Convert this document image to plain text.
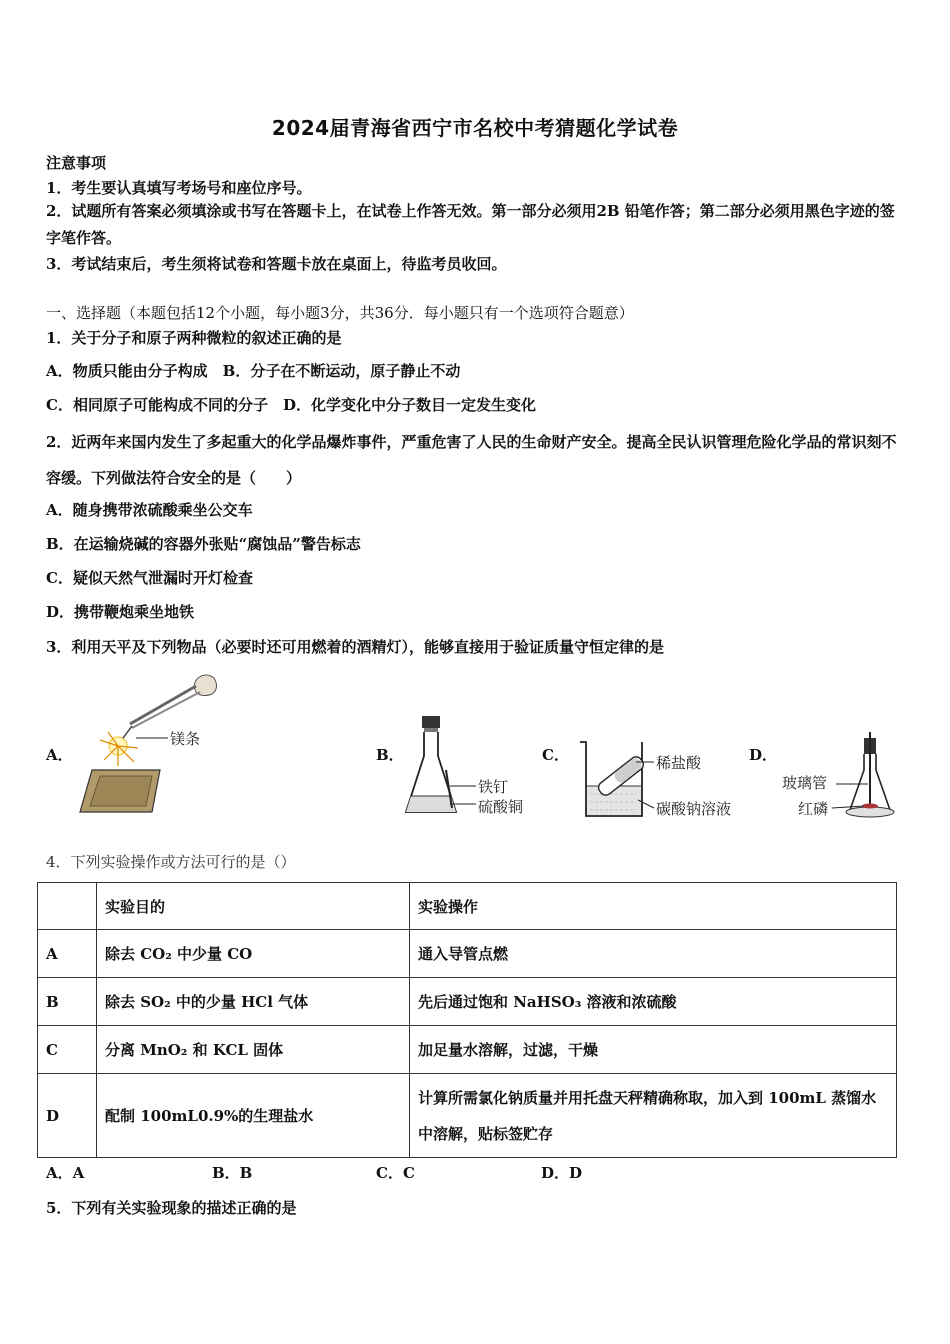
2024届青海省西宁市名校中考猜题化学试卷
注意事项
1．考生要认真填写考场号和座位序号。
2．试题所有答案必须填涂或书写在答题卡上，在试卷上作答无效。第一部分必须用2B 铅笔作答；第二部分必须用黑色字迹的签字笔作答。
3．考试结束后，考生须将试卷和答题卡放在桌面上，待监考员收回。
一、选择题（本题包括12个小题，每小题3分，共36分．每小题只有一个选项符合题意）
1．关于分子和原子两种微粒的叙述正确的是
A．物质只能由分子构成　B．分子在不断运动，原子静止不动
C．相同原子可能构成不同的分子　D．化学变化中分子数目一定发生变化
2．近两年来国内发生了多起重大的化学品爆炸事件，严重危害了人民的生命财产安全。提高全民认识管理危险化学品的常识刻不容缓。下列做法符合安全的是（　　）
A．随身携带浓硫酸乘坐公交车
B．在运输烧碱的容器外张贴“腐蚀品”警告标志
C．疑似天然气泄漏时开灯检查
D．携带鞭炮乘坐地铁
3．利用天平及下列物品（必要时还可用燃着的酒精灯），能够直接用于验证质量守恒定律的是
A．	B．	C．	D．
镁条
铁钉
硫酸铜
稀盐酸
碳酸钠溶液
玻璃管
红磷
4．下列实验操作或方法可行的是（）
	实验目的	实验操作
A	除去 CO₂ 中少量 CO	通入导管点燃
B	除去 SO₂ 中的少量 HCl 气体	先后通过饱和 NaHSO₃ 溶液和浓硫酸
C	分离 MnO₂ 和 KCL 固体	加足量水溶解，过滤，干燥
D	配制 100mL0.9%的生理盐水	计算所需氯化钠质量并用托盘天秤精确称取，加入到 100mL 蒸馏水中溶解，贴标签贮存
A．A	B．B	C．C	D．D
5．下列有关实验现象的描述正确的是
